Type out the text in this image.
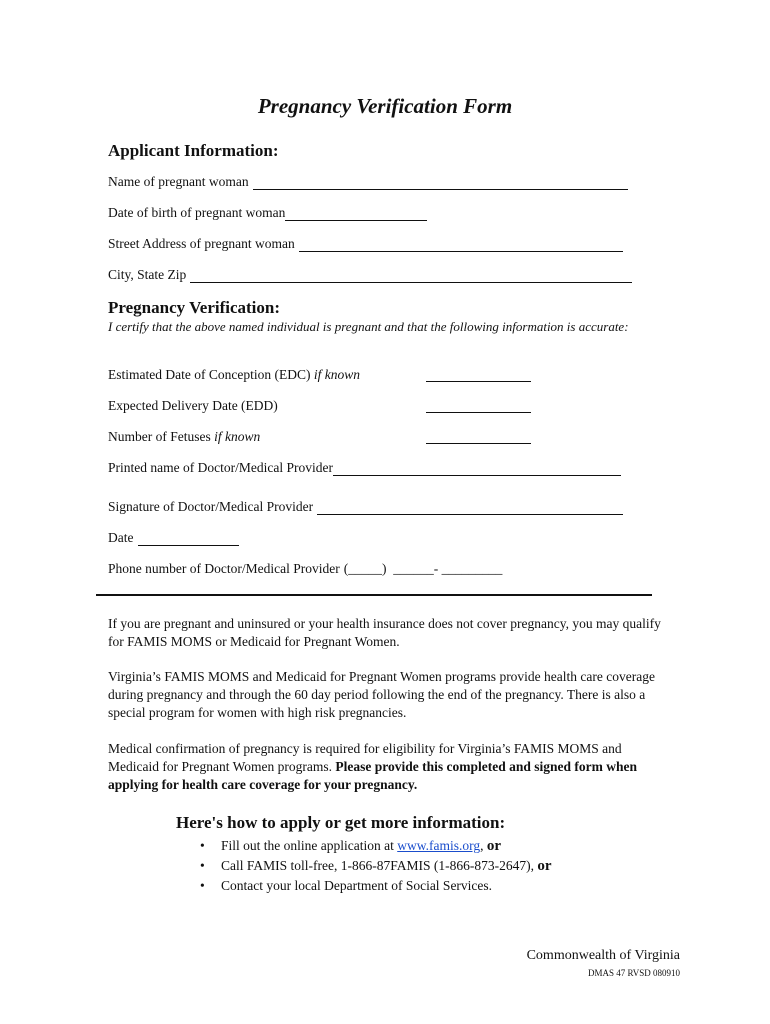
Pregnancy Verification Form
Applicant Information:
Name of pregnant woman
Date of birth of pregnant woman
Street Address of pregnant woman
City, State Zip
Pregnancy Verification:

I certify that the above named individual is pregnant and that the following information is accurate:

Estimated Date of Conception (EDC) if known
Expected Delivery Date (EDD)
Number of Fetuses if known
Printed name of Doctor/Medical Provider
Signature of Doctor/Medical Provider
Date
Phone number of Doctor/Medical Provider (_____)  ______- _________

If you are pregnant and uninsured or your health insurance does not cover pregnancy, you may qualify for FAMIS MOMS or Medicaid for Pregnant Women.

Virginia’s FAMIS MOMS and Medicaid for Pregnant Women programs provide health care coverage during pregnancy and through the 60 day period following the end of the pregnancy. There is also a special program for women with high risk pregnancies.

Medical confirmation of pregnancy is required for eligibility for Virginia’s FAMIS MOMS and Medicaid for Pregnant Women programs. Please provide this completed and signed form when applying for health care coverage for your pregnancy.

Here's how to apply or get more information:
• Fill out the online application at www.famis.org, or
• Call FAMIS toll-free, 1-866-87FAMIS (1-866-873-2647), or
• Contact your local Department of Social Services.

Commonwealth of Virginia

DMAS 47 RVSD 080910
